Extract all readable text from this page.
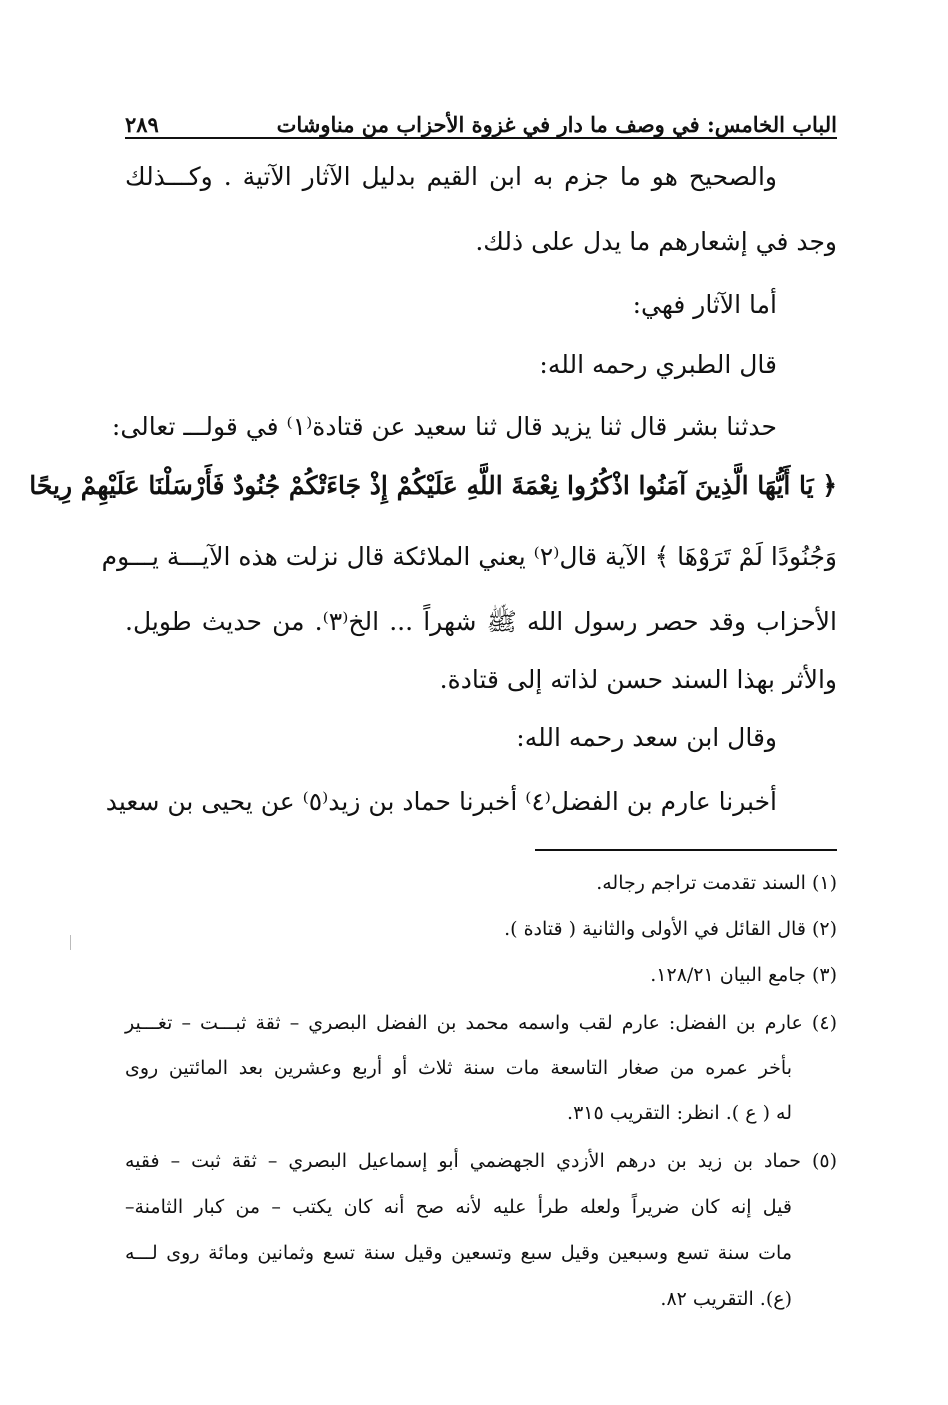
الباب الخامس: في وصف ما دار في غزوة الأحزاب من مناوشات
٢٨٩
والصحيح هو ما جزم به ابن القيم بدليل الآثار الآتية . وكـــذلك
وجد في إشعارهم ما يدل على ذلك.
أما الآثار فهي:
قال الطبري رحمه الله:
حدثنا بشر قال ثنا يزيد قال ثنا سعيد عن قتادة⁽١⁾ في قولـــ تعالى:
﴿ يَا أَيُّهَا الَّذِينَ آمَنُوا اذْكُرُوا نِعْمَةَ اللَّهِ عَلَيْكُمْ إِذْ جَاءَتْكُمْ جُنُودٌ فَأَرْسَلْنَا عَلَيْهِمْ رِيحًا
وَجُنُودًا لَمْ تَرَوْهَا ﴾ الآية قال⁽٢⁾ يعني الملائكة قال نزلت هذه الآيـــة يـــوم
الأحزاب وقد حصر رسول الله ﷺ شهراً ... الخ⁽٣⁾. من حديث طويل.
والأثر بهذا السند حسن لذاته إلى قتادة.
وقال ابن سعد رحمه الله:
أخبرنا عارم بن الفضل⁽٤⁾ أخبرنا حماد بن زيد⁽٥⁾ عن يحيى بن سعيد
(١) السند تقدمت تراجم رجاله.
(٢) قال القائل في الأولى والثانية ( قتادة ).
(٣) جامع البيان ١٢٨/٢١.
(٤) عارم بن الفضل: عارم لقب واسمه محمد بن الفضل البصري – ثقة ثبـــت – تغـــير
بأخر عمره من صغار التاسعة مات سنة ثلاث أو أربع وعشرين بعد المائتين روى
له ( ع ). انظر: التقريب ٣١٥.
(٥) حماد بن زيد بن درهم الأزدي الجهضمي أبو إسماعيل البصري – ثقة ثبت – فقيه
قيل إنه كان ضريراً ولعله طرأ عليه لأنه صح أنه كان يكتب – من كبار الثامنة–
مات سنة تسع وسبعين وقيل سبع وتسعين وقيل سنة تسع وثمانين ومائة روى لـــه
(ع). التقريب ٨٢.
